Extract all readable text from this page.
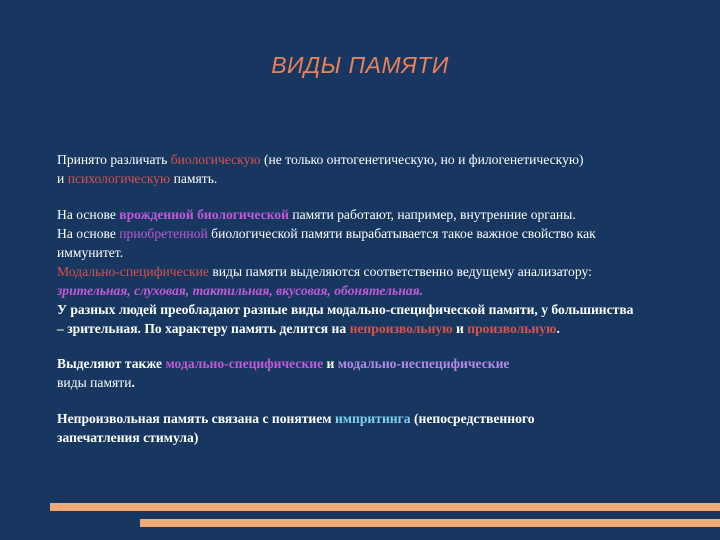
ВИДЫ ПАМЯТИ
Принято различать биологическую (не только онтогенетическую, но и филогенетическую)
и психологическую память.
На основе врожденной биологической памяти работают, например, внутренние органы.
На основе приобретенной биологической памяти вырабатывается такое важное свойство как
иммунитет.
Модально-специфические виды памяти выделяются соответственно ведущему анализатору:
зрительная, слуховая, тактильная, вкусовая, обонятельная.
У разных людей преобладают разные виды модально-специфической памяти, у большинства
– зрительная. По характеру память делится на непроизвольную и произвольную.
Выделяют также модально-специфические и модально-неспецифические
виды памяти.
Непроизвольная память связана с понятием импритинга (непосредственного
запечатления стимула)
